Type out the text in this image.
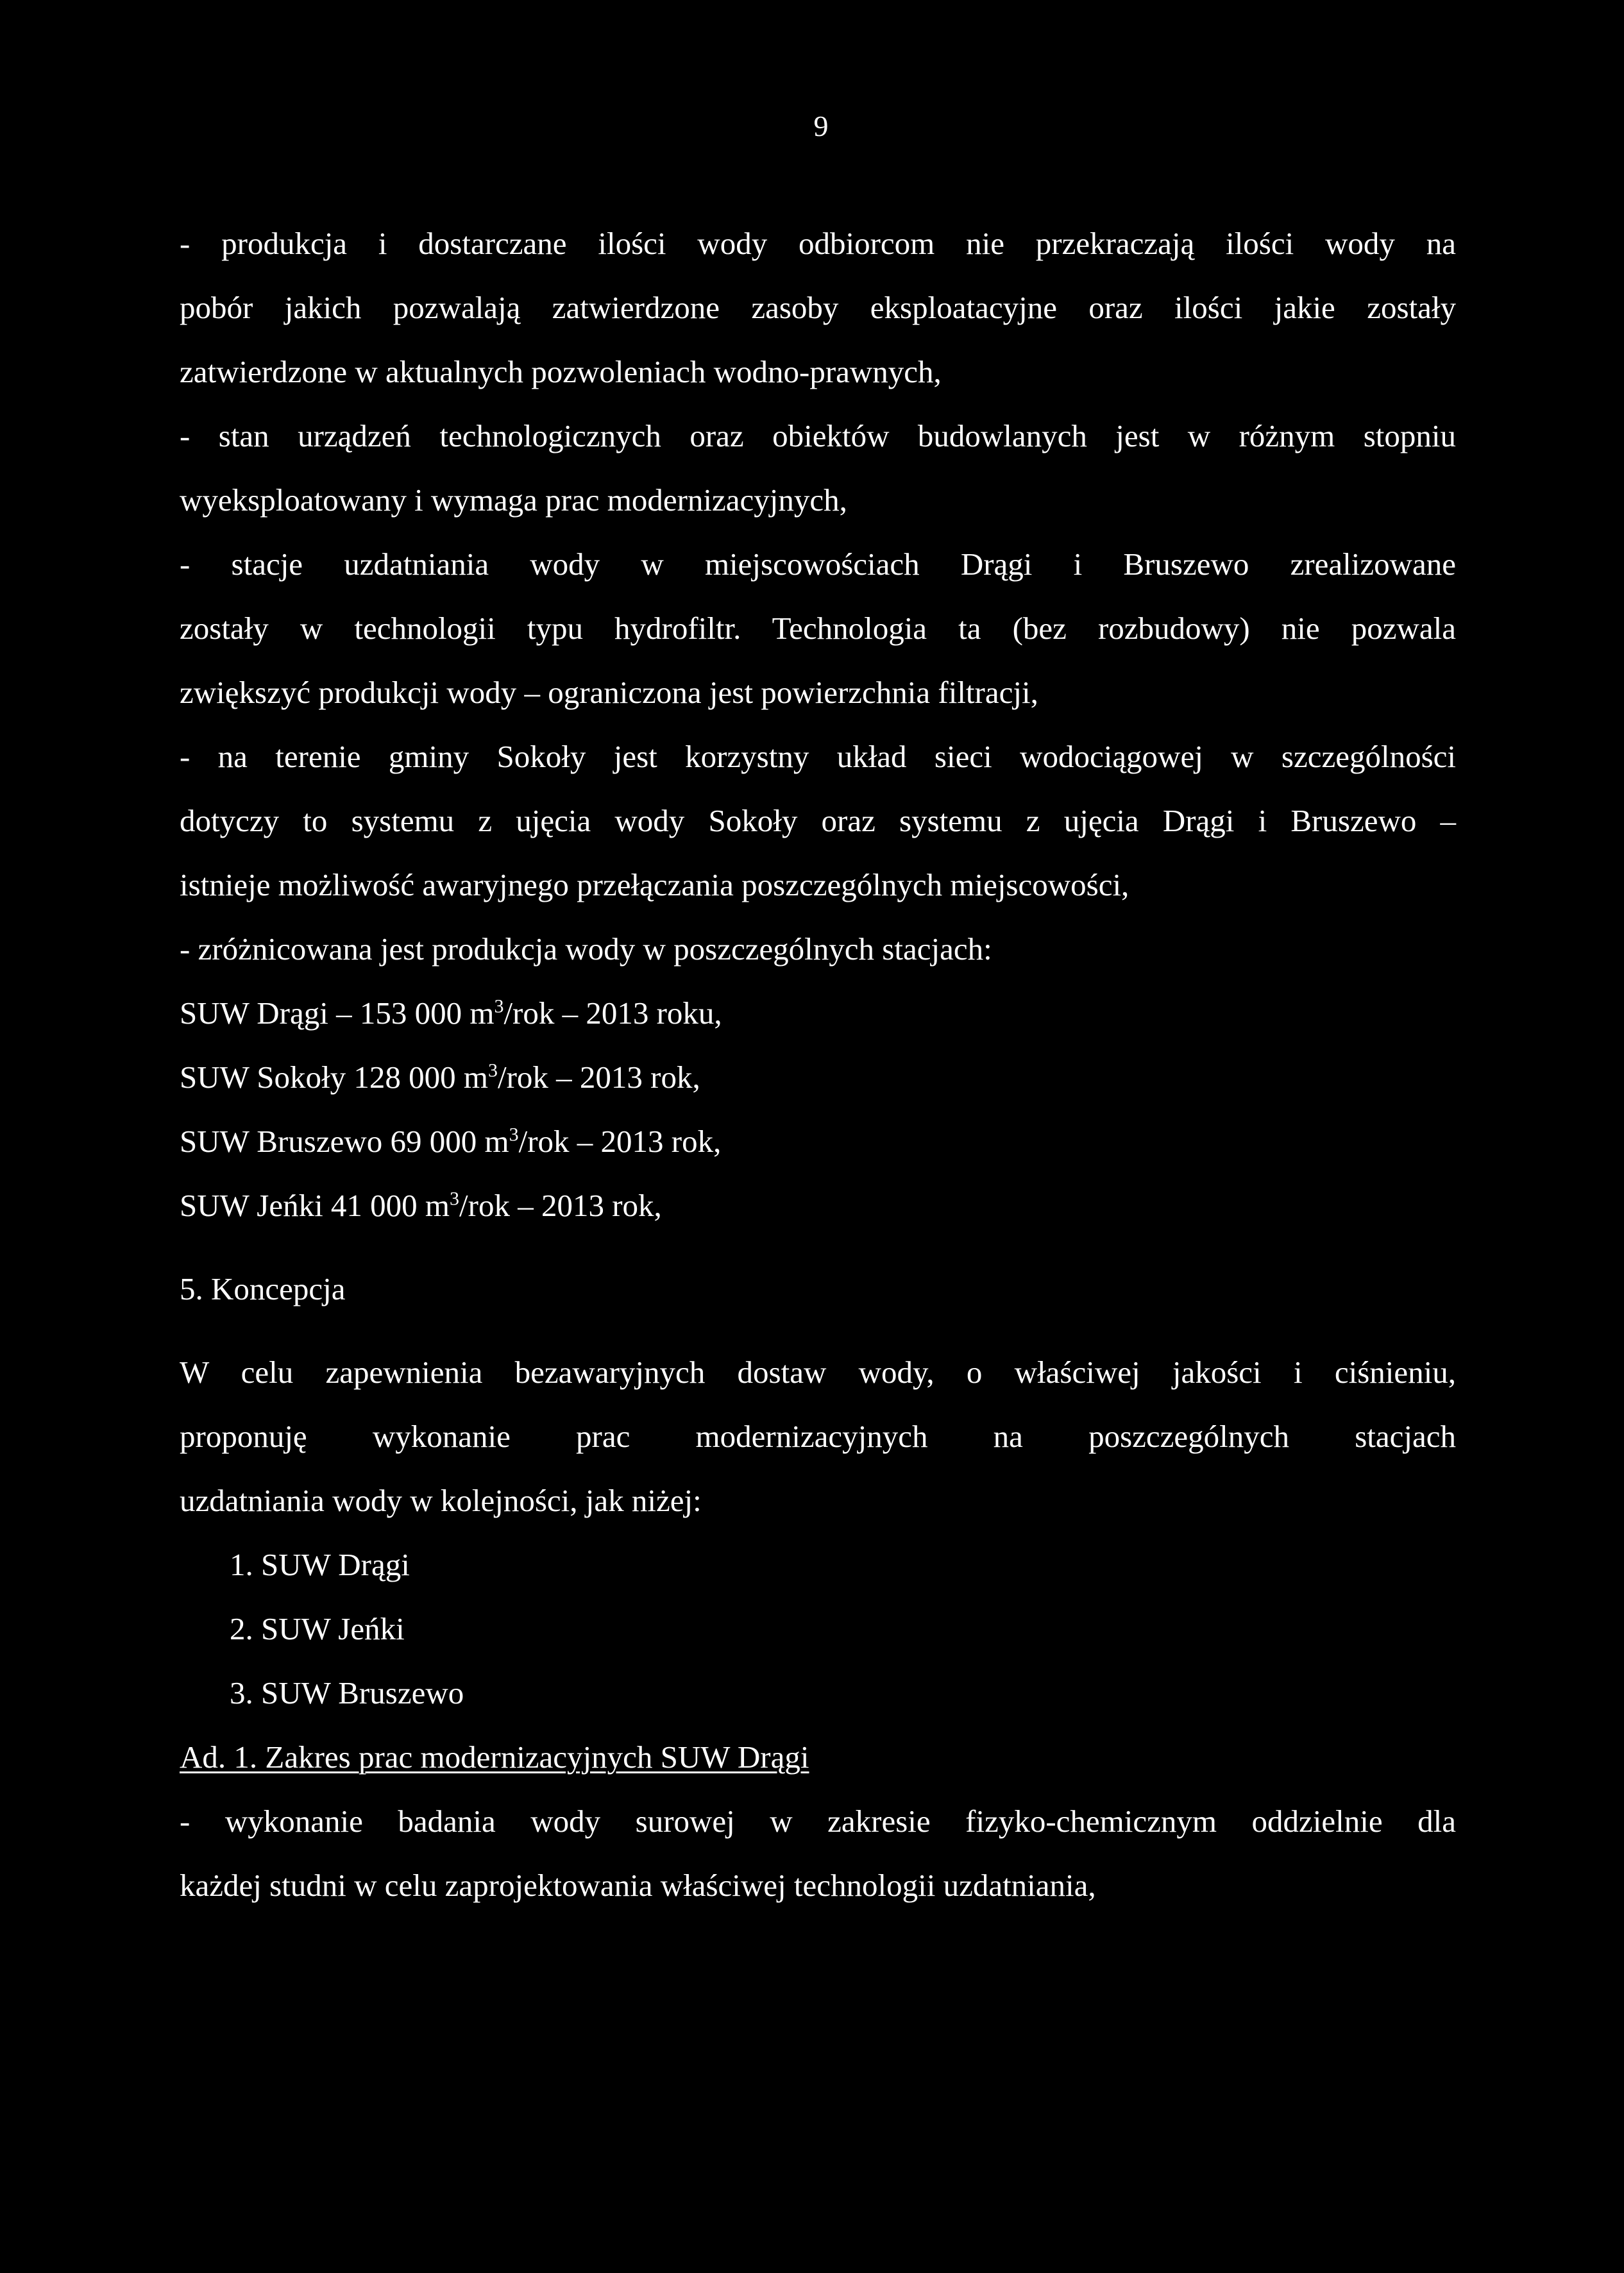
9
- produkcja i dostarczane ilości wody odbiorcom nie przekraczają ilości wody na
pobór jakich pozwalają zatwierdzone zasoby eksploatacyjne oraz ilości jakie zostały
zatwierdzone w aktualnych pozwoleniach wodno-prawnych,
- stan urządzeń technologicznych oraz obiektów budowlanych jest w różnym stopniu
wyeksploatowany i wymaga prac modernizacyjnych,
- stacje uzdatniania wody w miejscowościach Drągi i Bruszewo zrealizowane
zostały w technologii typu hydrofiltr. Technologia ta (bez rozbudowy) nie pozwala
zwiększyć produkcji wody – ograniczona jest powierzchnia filtracji,
- na terenie gminy Sokoły jest korzystny układ sieci wodociągowej w szczególności
dotyczy to systemu z ujęcia wody Sokoły oraz systemu z ujęcia Drągi i Bruszewo –
istnieje możliwość awaryjnego przełączania poszczególnych miejscowości,
- zróżnicowana jest produkcja wody w poszczególnych stacjach:
SUW Drągi – 153 000 $m^3$/rok – 2013 roku,
SUW Sokoły 128 000 $m^3$/rok – 2013 rok,
SUW Bruszewo 69 000 $m^3$/rok – 2013 rok,
SUW Jeńki 41 000 $m^3$/rok – 2013 rok,
5. Koncepcja
W celu zapewnienia bezawaryjnych dostaw wody, o właściwej jakości i ciśnieniu,
proponuję wykonanie prac modernizacyjnych na poszczególnych stacjach
uzdatniania wody w kolejności, jak niżej:
1. SUW Drągi
2. SUW Jeńki
3. SUW Bruszewo
Ad. 1. Zakres prac modernizacyjnych SUW Drągi
- wykonanie badania wody surowej w zakresie fizyko-chemicznym oddzielnie dla
każdej studni w celu zaprojektowania właściwej technologii uzdatniania,
